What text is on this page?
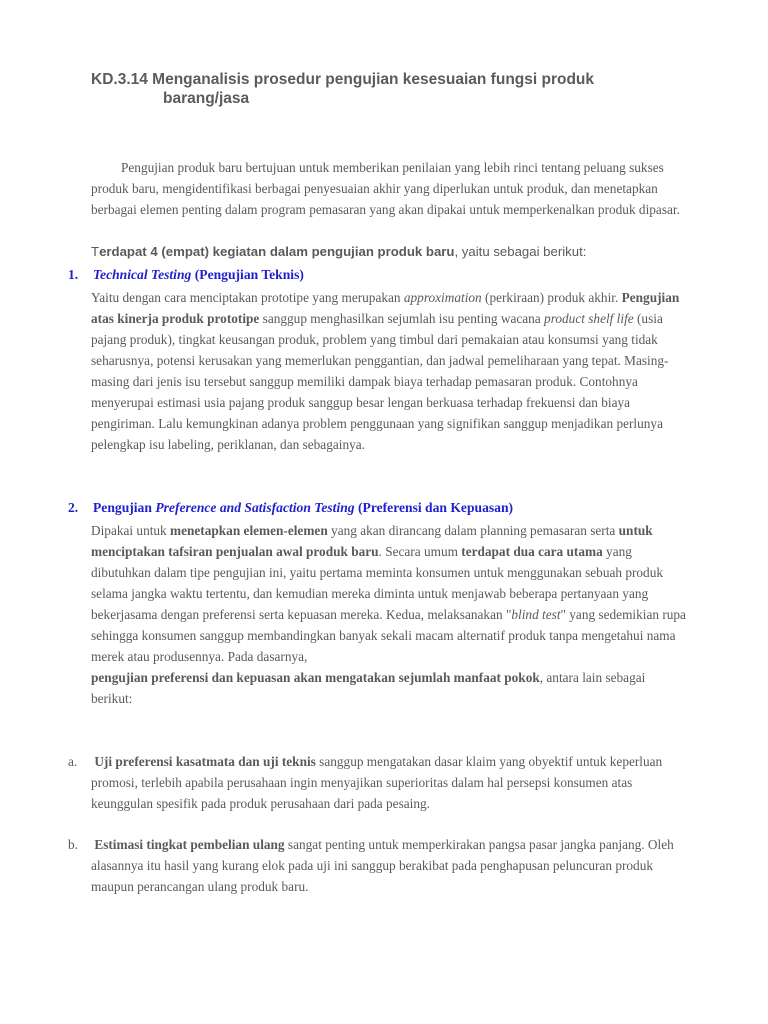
KD.3.14 Menganalisis prosedur pengujian kesesuaian fungsi produk
barang/jasa

Pengujian produk baru bertujuan untuk memberikan penilaian yang lebih rinci tentang peluang sukses produk baru, mengidentifikasi berbagai penyesuaian akhir yang diperlukan untuk produk, dan menetapkan berbagai elemen penting dalam program pemasaran yang akan dipakai untuk memperkenalkan produk dipasar.

Terdapat 4 (empat) kegiatan dalam pengujian produk baru, yaitu sebagai berikut:

1. Technical Testing (Pengujian Teknis)

Yaitu dengan cara menciptakan prototipe yang merupakan approximation (perkiraan) produk akhir. Pengujian atas kinerja produk prototipe sanggup menghasilkan sejumlah isu penting wacana product shelf life (usia pajang produk), tingkat keusangan produk, problem yang timbul dari pemakaian atau konsumsi yang tidak seharusnya, potensi kerusakan yang memerlukan penggantian, dan jadwal pemeliharaan yang tepat. Masing-masing dari jenis isu tersebut sanggup memiliki dampak biaya terhadap pemasaran produk. Contohnya menyerupai estimasi usia pajang produk sanggup besar lengan berkuasa terhadap frekuensi dan biaya pengiriman. Lalu kemungkinan adanya problem penggunaan yang signifikan sanggup menjadikan perlunya pelengkap isu labeling, periklanan, dan sebagainya.

2. Pengujian Preference and Satisfaction Testing (Preferensi dan Kepuasan)

Dipakai untuk menetapkan elemen-elemen yang akan dirancang dalam planning pemasaran serta untuk menciptakan tafsiran penjualan awal produk baru. Secara umum terdapat dua cara utama yang dibutuhkan dalam tipe pengujian ini, yaitu pertama meminta konsumen untuk menggunakan sebuah produk selama jangka waktu tertentu, dan kemudian mereka diminta untuk menjawab beberapa pertanyaan yang bekerjasama dengan preferensi serta kepuasan mereka. Kedua, melaksanakan "blind test" yang sedemikian rupa sehingga konsumen sanggup membandingkan banyak sekali macam alternatif produk tanpa mengetahui nama merek atau produsennya. Pada dasarnya,
pengujian preferensi dan kepuasan akan mengatakan sejumlah manfaat pokok, antara lain sebagai berikut:

a. Uji preferensi kasatmata dan uji teknis sanggup mengatakan dasar klaim yang obyektif untuk keperluan promosi, terlebih apabila perusahaan ingin menyajikan superioritas dalam hal persepsi konsumen atas keunggulan spesifik pada produk perusahaan dari pada pesaing.

b. Estimasi tingkat pembelian ulang sangat penting untuk memperkirakan pangsa pasar jangka panjang. Oleh alasannya itu hasil yang kurang elok pada uji ini sanggup berakibat pada penghapusan peluncuran produk maupun perancangan ulang produk baru.
